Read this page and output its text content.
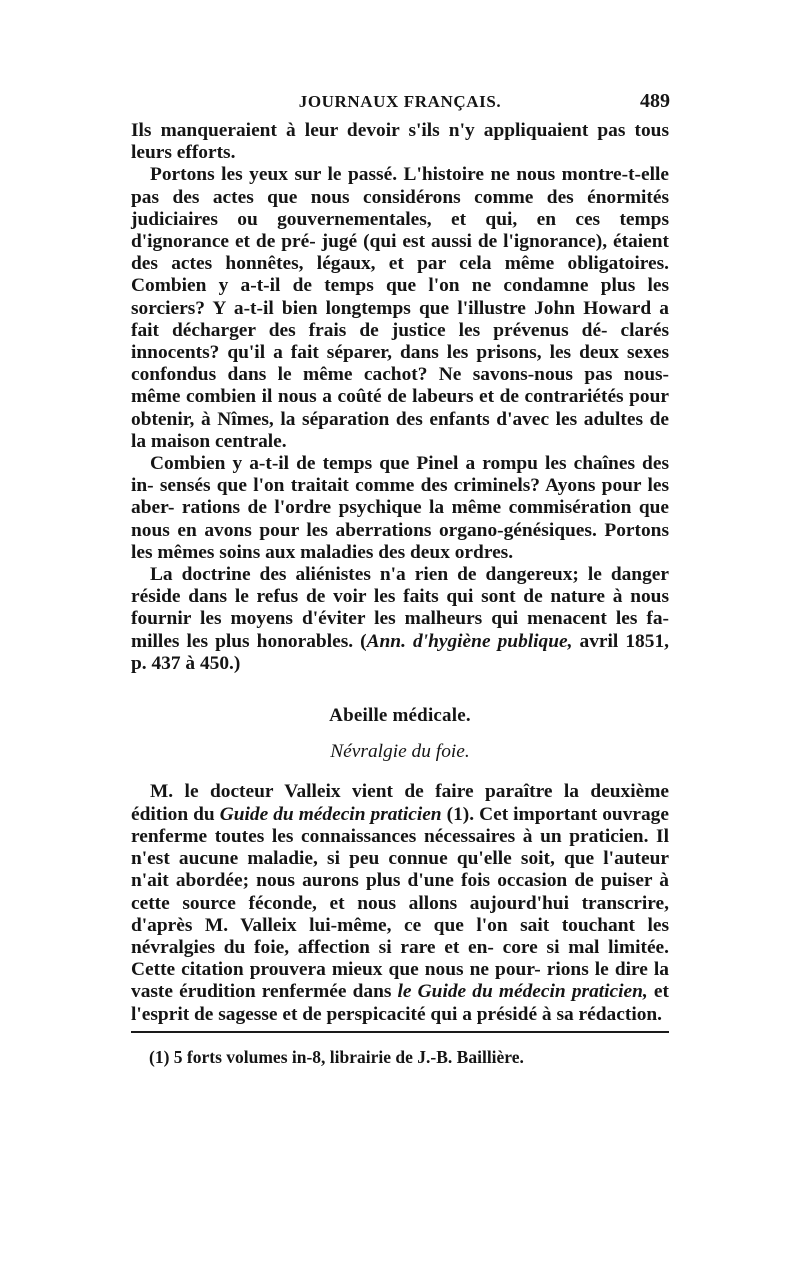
JOURNAUX FRANÇAIS.	489

Ils manqueraient à leur devoir s'ils n'y appliquaient pas tous leurs efforts.

Portons les yeux sur le passé. L'histoire ne nous montre-t-elle pas des actes que nous considérons comme des énormités judiciaires ou gouvernementales, et qui, en ces temps d'ignorance et de pré- jugé (qui est aussi de l'ignorance), étaient des actes honnêtes, légaux, et par cela même obligatoires. Combien y a-t-il de temps que l'on ne condamne plus les sorciers? Y a-t-il bien longtemps que l'illustre John Howard a fait décharger des frais de justice les prévenus dé- clarés innocents? qu'il a fait séparer, dans les prisons, les deux sexes confondus dans le même cachot? Ne savons-nous pas nous- même combien il nous a coûté de labeurs et de contrariétés pour obtenir, à Nîmes, la séparation des enfants d'avec les adultes de la maison centrale.

Combien y a-t-il de temps que Pinel a rompu les chaînes des in- sensés que l'on traitait comme des criminels? Ayons pour les aber- rations de l'ordre psychique la même commisération que nous en avons pour les aberrations organo-génésiques. Portons les mêmes soins aux maladies des deux ordres.

La doctrine des aliénistes n'a rien de dangereux; le danger réside dans le refus de voir les faits qui sont de nature à nous fournir les moyens d'éviter les malheurs qui menacent les fa- milles les plus honorables. (Ann. d'hygiène publique, avril 1851, p. 437 à 450.)

Abeille médicale.
Névralgie du foie.

M. le docteur Valleix vient de faire paraître la deuxième édition du Guide du médecin praticien (1). Cet important ouvrage renferme toutes les connaissances nécessaires à un praticien. Il n'est aucune maladie, si peu connue qu'elle soit, que l'auteur n'ait abordée; nous aurons plus d'une fois occasion de puiser à cette source féconde, et nous allons aujourd'hui transcrire, d'après M. Valleix lui-même, ce que l'on sait touchant les névralgies du foie, affection si rare et en- core si mal limitée. Cette citation prouvera mieux que nous ne pour- rions le dire la vaste érudition renfermée dans le Guide du médecin praticien, et l'esprit de sagesse et de perspicacité qui a présidé à sa rédaction.

(1) 5 forts volumes in-8, librairie de J.-B. Baillière.
